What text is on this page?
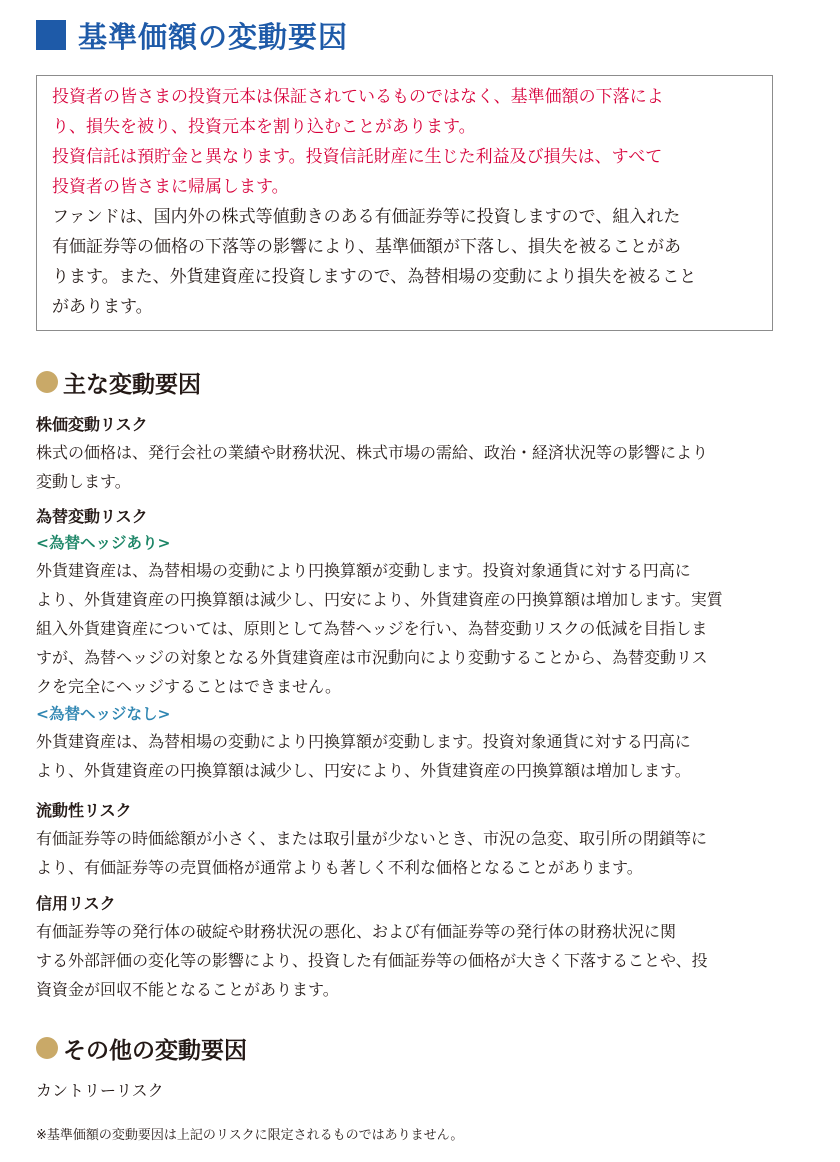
基準価額の変動要因

投資者の皆さまの投資元本は保証されているものではなく、基準価額の下落によ

り、損失を被り、投資元本を割り込むことがあります。

投資信託は預貯金と異なります。投資信託財産に生じた利益及び損失は、すべて

投資者の皆さまに帰属します。

ファンドは、国内外の株式等値動きのある有価証券等に投資しますので、組入れた

有価証券等の価格の下落等の影響により、基準価額が下落し、損失を被ることがあ

ります。また、外貨建資産に投資しますので、為替相場の変動により損失を被ること

があります。

主な変動要因

株価変動リスク

株式の価格は、発行会社の業績や財務状況、株式市場の需給、政治・経済状況等の影響により

変動します。

為替変動リスク

<為替ヘッジあり>

外貨建資産は、為替相場の変動により円換算額が変動します。投資対象通貨に対する円高に

より、外貨建資産の円換算額は減少し、円安により、外貨建資産の円換算額は増加します。実質

組入外貨建資産については、原則として為替ヘッジを行い、為替変動リスクの低減を目指しま

すが、為替ヘッジの対象となる外貨建資産は市況動向により変動することから、為替変動リス

クを完全にヘッジすることはできません。

<為替ヘッジなし>

外貨建資産は、為替相場の変動により円換算額が変動します。投資対象通貨に対する円高に

より、外貨建資産の円換算額は減少し、円安により、外貨建資産の円換算額は増加します。

流動性リスク

有価証券等の時価総額が小さく、または取引量が少ないとき、市況の急変、取引所の閉鎖等に

より、有価証券等の売買価格が通常よりも著しく不利な価格となることがあります。

信用リスク

有価証券等の発行体の破綻や財務状況の悪化、および有価証券等の発行体の財務状況に関

する外部評価の変化等の影響により、投資した有価証券等の価格が大きく下落することや、投

資資金が回収不能となることがあります。

その他の変動要因
カントリーリスク
※基準価額の変動要因は上記のリスクに限定されるものではありません。
